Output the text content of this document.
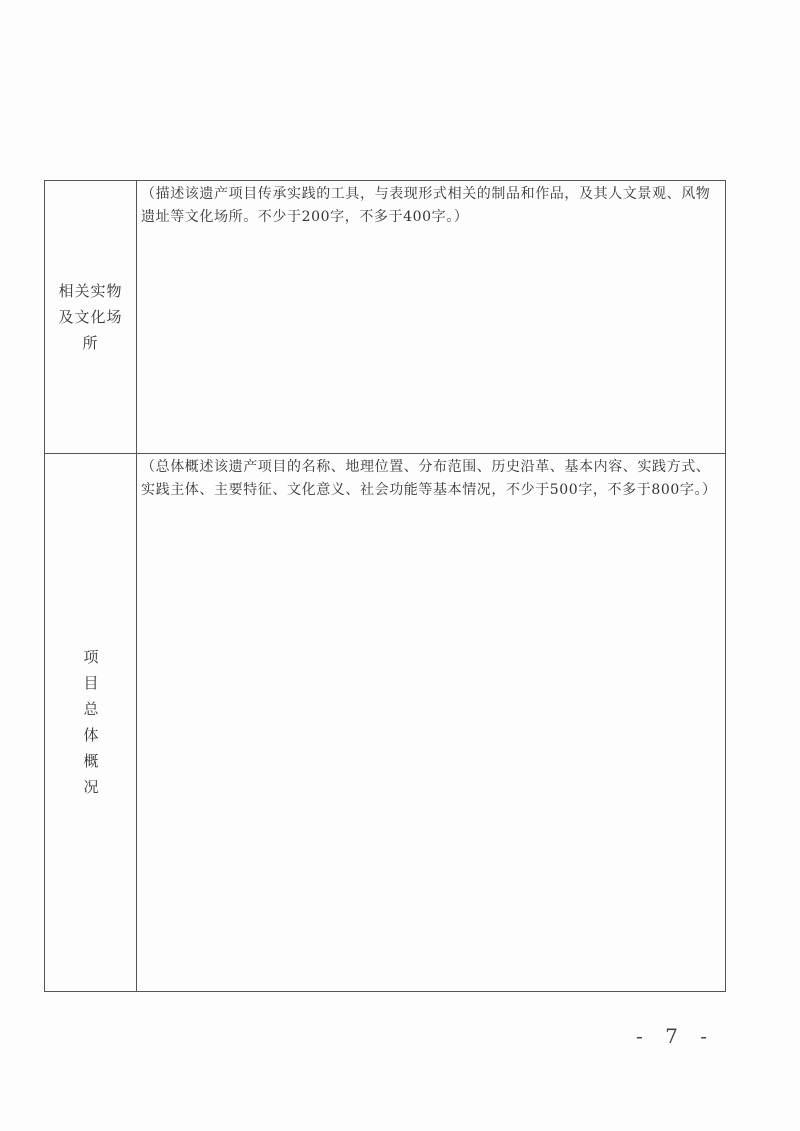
相关实物及文化场所

（描述该遗产项目传承实践的工具，与表现形式相关的制品和作品，及其人文景观、风物遗址等文化场所。不少于200字，不多于400字。）

项目总体概况

（总体概述该遗产项目的名称、地理位置、分布范围、历史沿革、基本内容、实践方式、实践主体、主要特征、文化意义、社会功能等基本情况，不少于500字，不多于800字。）

- 7 -
